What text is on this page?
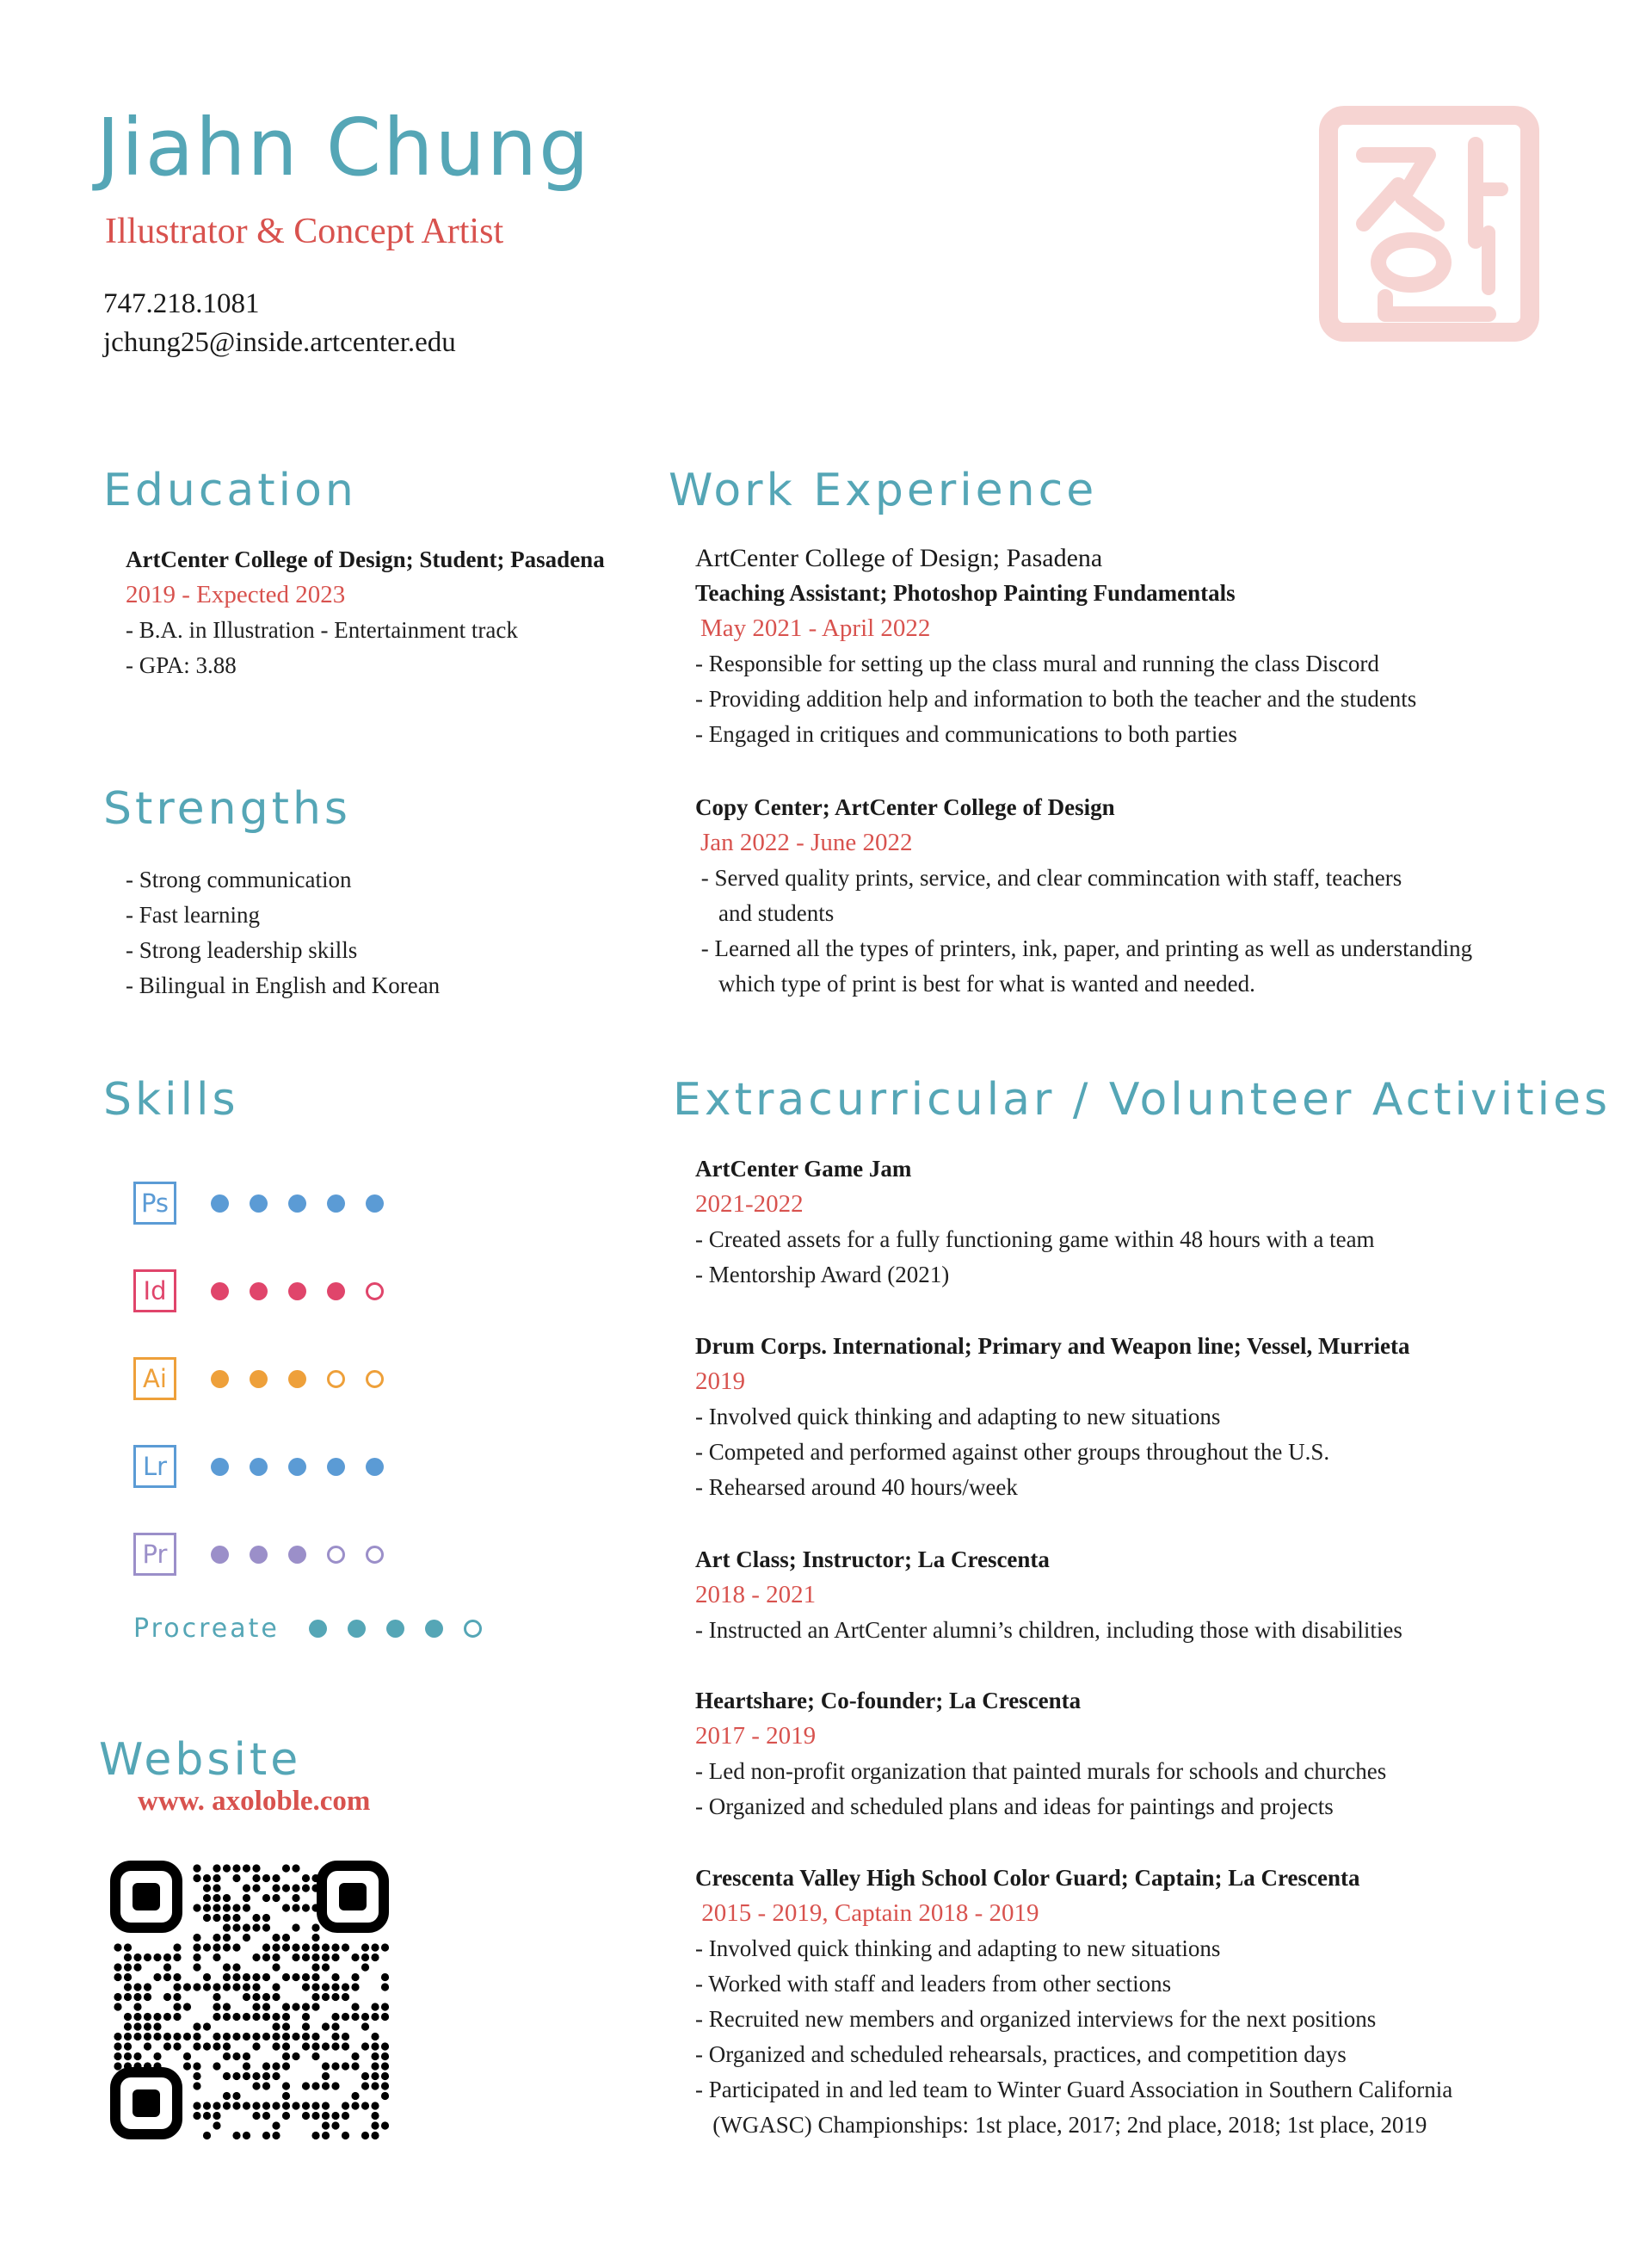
Jiahn Chung
Illustrator & Concept Artist
747.218.1081
jchung25@inside.artcenter.edu
Education
ArtCenter College of Design; Student; Pasadena
2019 - Expected 2023
- B.A. in Illustration - Entertainment track
- GPA: 3.88
Strengths
- Strong communication
- Fast learning
- Strong leadership skills
- Bilingual in English and Korean
Skills
Ps
Id
Ai
Lr
Pr
Procreate
Website
www. axoloble.com
Work Experience
ArtCenter College of Design; Pasadena
Teaching Assistant; Photoshop Painting Fundamentals
May 2021 - April 2022
- Responsible for setting up the class mural and running the class Discord
- Providing addition help and information to both the teacher and the students
- Engaged in critiques and communications to both parties
Copy Center; ArtCenter College of Design
Jan 2022 - June 2022
- Served quality prints, service, and clear commincation with staff, teachers
and students
- Learned all the types of printers, ink, paper, and printing as well as understanding
which type of print is best for what is wanted and needed.
Extracurricular / Volunteer Activities
ArtCenter Game Jam
2021-2022
- Created assets for a fully functioning game within 48 hours with a team
- Mentorship Award (2021)
Drum Corps. International; Primary and Weapon line; Vessel, Murrieta
2019
- Involved quick thinking and adapting to new situations
- Competed and performed against other groups throughout the U.S.
- Rehearsed around 40 hours/week
Art Class; Instructor; La Crescenta
2018 - 2021
- Instructed an ArtCenter alumni’s children, including those with disabilities
Heartshare; Co-founder; La Crescenta
2017 - 2019
- Led non-profit organization that painted murals for schools and churches
- Organized and scheduled plans and ideas for paintings and projects
Crescenta Valley High School Color Guard; Captain; La Crescenta
2015 - 2019, Captain 2018 - 2019
- Involved quick thinking and adapting to new situations
- Worked with staff and leaders from other sections
- Recruited new members and organized interviews for the next positions
- Organized and scheduled rehearsals, practices, and competition days
- Participated in and led team to Winter Guard Association in Southern California
(WGASC) Championships: 1st place, 2017; 2nd place, 2018; 1st place, 2019
